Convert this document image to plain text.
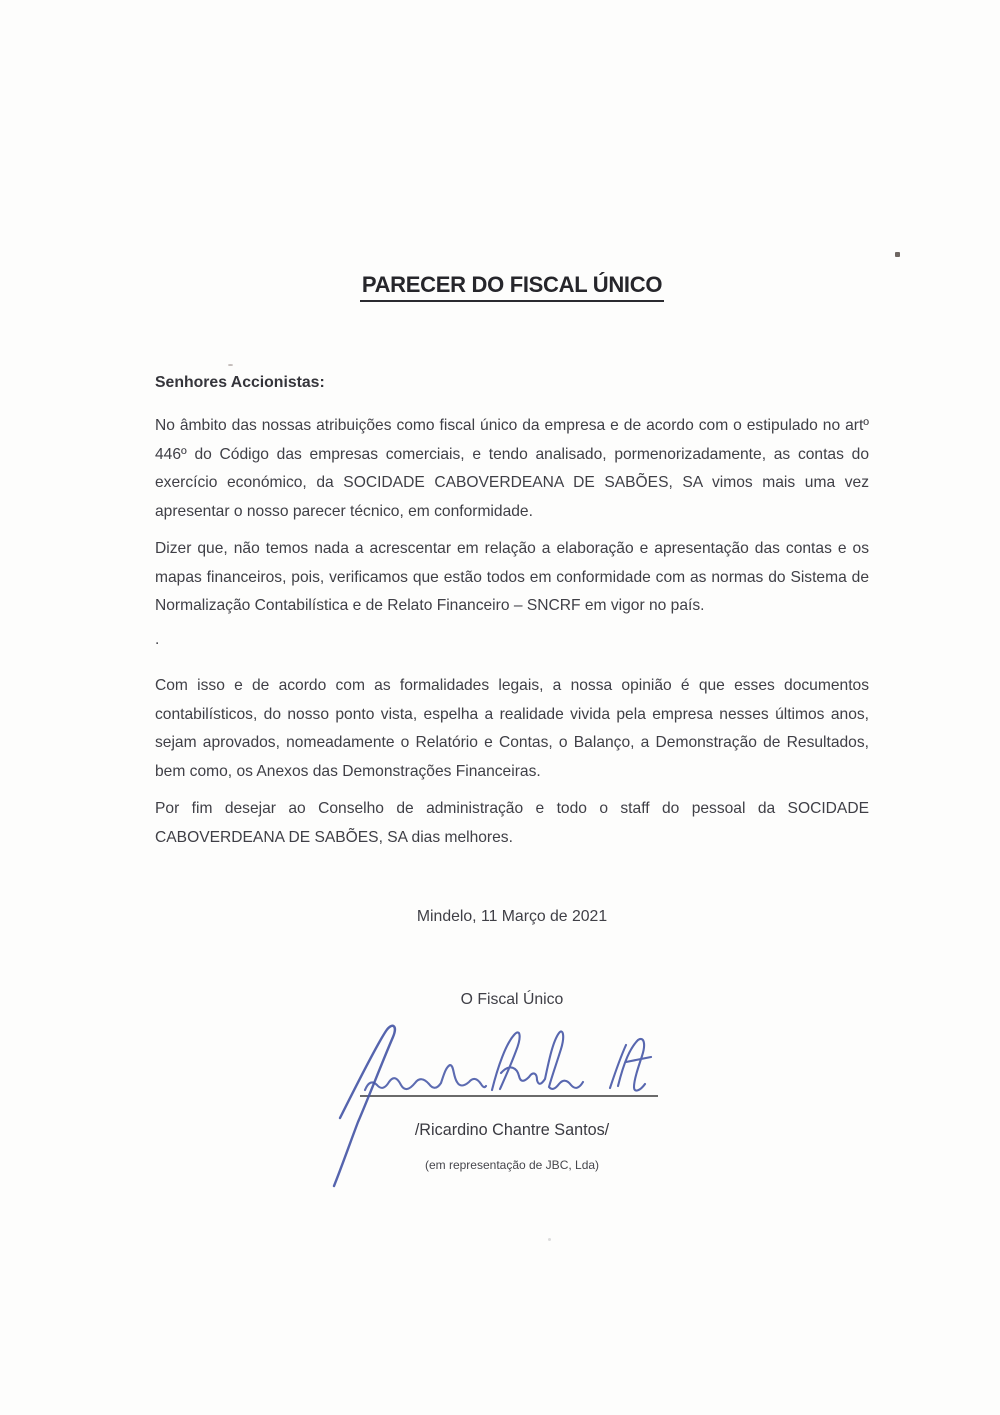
PARECER DO FISCAL ÚNICO

Senhores Accionistas:

No âmbito das nossas atribuições como fiscal único da empresa e de acordo com o estipulado no artº 446º do Código das empresas comerciais, e tendo analisado, pormenorizadamente, as contas do exercício económico, da SOCIDADE CABOVERDEANA DE SABÕES, SA vimos mais uma vez apresentar o nosso parecer técnico, em conformidade.

Dizer que, não temos nada a acrescentar em relação a elaboração e apresentação das contas e os mapas financeiros, pois, verificamos que estão todos em conformidade com as normas do Sistema de Normalização Contabilística e de Relato Financeiro – SNCRF em vigor no país.

.

Com isso e de acordo com as formalidades legais, a nossa opinião é que esses documentos contabilísticos, do nosso ponto vista, espelha a realidade vivida pela empresa nesses últimos anos, sejam aprovados, nomeadamente o Relatório e Contas, o Balanço, a Demonstração de Resultados, bem como, os Anexos das Demonstrações Financeiras.

Por fim desejar ao Conselho de administração e todo o staff do pessoal da SOCIDADE CABOVERDEANA DE SABÕES, SA dias melhores.

Mindelo, 11 Março de 2021

O Fiscal Único

/Ricardino Chantre Santos/

(em representação de JBC, Lda)
